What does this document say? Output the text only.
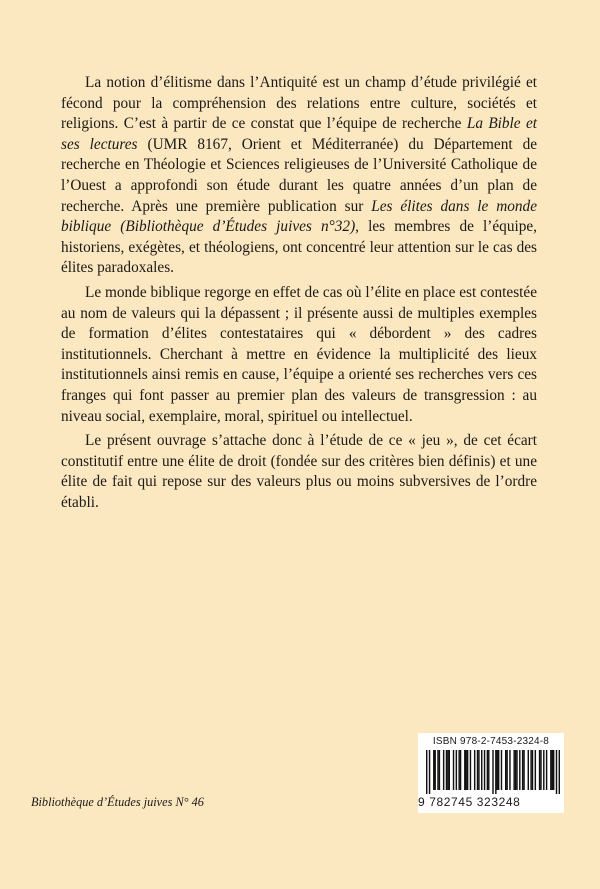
La notion d’élitisme dans l’Antiquité est un champ d’étude privilégié et fécond pour la compréhension des relations entre culture, sociétés et religions. C’est à partir de ce constat que l’équipe de recherche La Bible et ses lectures (UMR 8167, Orient et Méditerranée) du Département de recherche en Théologie et Sciences religieuses de l’Université Catholique de l’Ouest a approfondi son étude durant les quatre années d’un plan de recherche. Après une première publication sur Les élites dans le monde biblique (Bibliothèque d’Études juives n°32), les membres de l’équipe, historiens, exégètes, et théologiens, ont concentré leur attention sur le cas des élites paradoxales.

Le monde biblique regorge en effet de cas où l’élite en place est contestée au nom de valeurs qui la dépassent ; il présente aussi de multiples exemples de formation d’élites contestataires qui « débordent » des cadres institutionnels. Cherchant à mettre en évidence la multiplicité des lieux institutionnels ainsi remis en cause, l’équipe a orienté ses recherches vers ces franges qui font passer au premier plan des valeurs de transgression : au niveau social, exemplaire, moral, spirituel ou intellectuel.

Le présent ouvrage s’attache donc à l’étude de ce « jeu », de cet écart constitutif entre une élite de droit (fondée sur des critères bien définis) et une élite de fait qui repose sur des valeurs plus ou moins subversives de l’ordre établi.

Bibliothèque d’Études juives N° 46
ISBN 978-2-7453-2324-8
9 782745 323248
